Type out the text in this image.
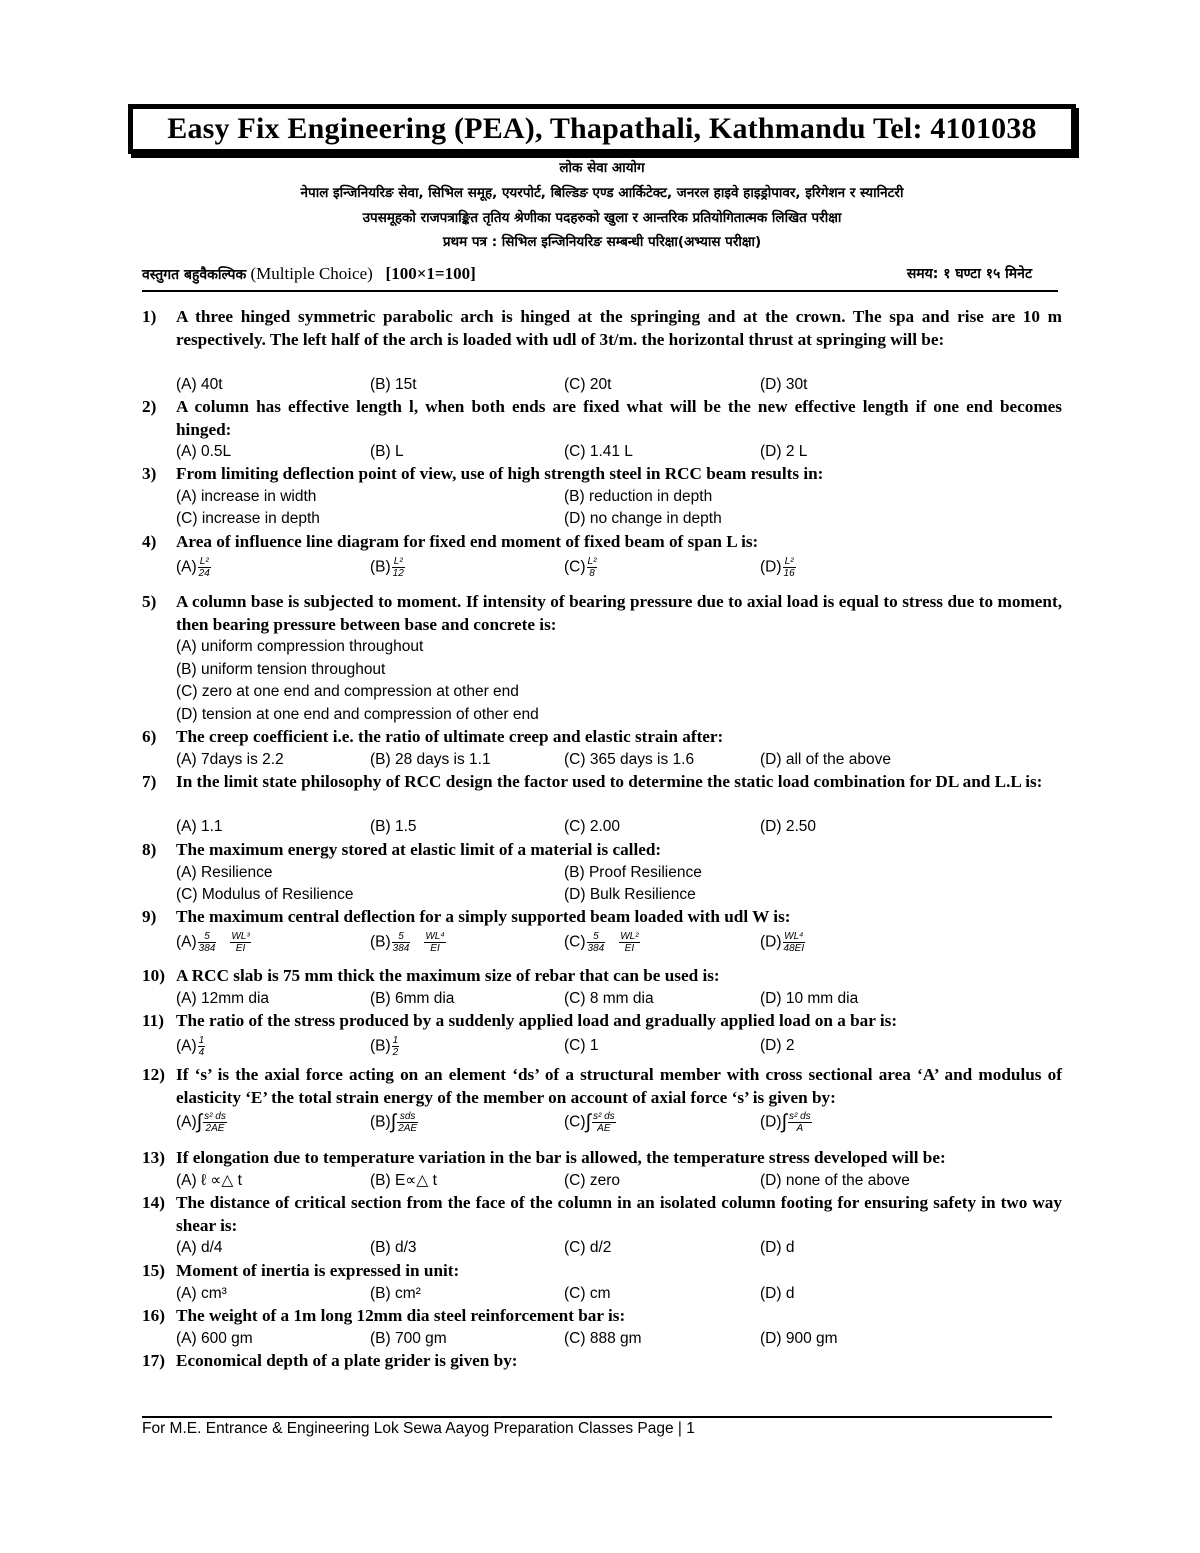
Easy Fix Engineering (PEA), Thapathali, Kathmandu Tel: 4101038
लोक सेवा आयोग
नेपाल इन्जिनियरिङ सेवा, सिभिल समूह, एयरपोर्ट, बिल्डिङ एण्ड आर्किटेक्ट, जनरल हाइवे हाइड्रोपावर, इरिगेशन र स्यानिटरी
उपसमूहको राजपत्राङ्कित तृतिय श्रेणीका पदहरुको खुला र आन्तरिक प्रतियोगितात्मक लिखित परीक्षा
प्रथम पत्र : सिभिल इन्जिनियरिङ सम्बन्धी परिक्षा(अभ्यास परीक्षा)
वस्तुगत बहुवैकल्पिक (Multiple Choice) [100×1=100]	समय: १ घण्टा १५ मिनेट
1) A three hinged symmetric parabolic arch is hinged at the springing and at the crown. The spa and rise are 10 m respectively. The left half of the arch is loaded with udl of 3t/m. the horizontal thrust at springing will be:
(A) 40t	(B) 15t	(C) 20t	(D) 30t
2) A column has effective length l, when both ends are fixed what will be the new effective length if one end becomes hinged:
(A) 0.5L	(B) L	(C) 1.41 L	(D) 2 L
3) From limiting deflection point of view, use of high strength steel in RCC beam results in:
(A) increase in width	(B) reduction in depth
(C) increase in depth	(D) no change in depth
4) Area of influence line diagram for fixed end moment of fixed beam of span L is:
$(A) \frac{\text{L²}}{24}$	$(B) \frac{\text{L²}}{12}$	$(C) \frac{\text{L²}}{8}$	$(D) \frac{\text{L²}}{16}$
5) A column base is subjected to moment. If intensity of bearing pressure due to axial load is equal to stress due to moment, then bearing pressure between base and concrete is:
(A) uniform compression throughout
(B) uniform tension throughout
(C) zero at one end and compression at other end
(D) tension at one end and compression of other end
6) The creep coefficient i.e. the ratio of ultimate creep and elastic strain after:
(A) 7days is 2.2	(B) 28 days is 1.1	(C) 365 days is 1.6	(D) all of the above
7) In the limit state philosophy of RCC design the factor used to determine the static load combination for DL and L.L is:
(A) 1.1	(B) 1.5	(C) 2.00	(D) 2.50
8) The maximum energy stored at elastic limit of a material is called:
(A) Resilience	(B) Proof Resilience
(C) Modulus of Resilience	(D) Bulk Resilience
9) The maximum central deflection for a simply supported beam loaded with udl W is:
$(A) \frac{5}{384} \frac{\text{WL³}}{EI}$	$(B) \frac{5}{384} \frac{\text{WL⁴}}{EI}$	$(C) \frac{5}{384} \frac{\text{WL²}}{EI}$	$(D) \frac{\text{WL⁴}}{48EI}$
10) A RCC slab is 75 mm thick the maximum size of rebar that can be used is:
(A) 12mm dia	(B) 6mm dia	(C) 8 mm dia	(D) 10 mm dia
11) The ratio of the stress produced by a suddenly applied load and gradually applied load on a bar is:
$(A) \frac{1}{4}$	$(B) \frac{1}{2}$	(C) 1	(D) 2
12) If ‘s’ is the axial force acting on an element ‘ds’ of a structural member with cross sectional area ‘A’ and modulus of elasticity ‘E’ the total strain energy of the member on account of axial force ‘s’ is given by:
$(A)\int \frac{\text{s² ds}}{2AE}$	$(B)\int \frac{\text{sds}}{2AE}$	$(C)\int \frac{\text{s² ds}}{AE}$	$(D)\int \frac{\text{s² ds}}{A}$
13) If elongation due to temperature variation in the bar is allowed, the temperature stress developed will be:
(A) ℓ ∝△ t	(B) E∝△ t	(C) zero	(D) none of the above
14) The distance of critical section from the face of the column in an isolated column footing for ensuring safety in two way shear is:
(A) d/4	(B) d/3	(C) d/2	(D) d
15) Moment of inertia is expressed in unit:
(A) cm³	(B) cm²	(C) cm	(D) d
16) The weight of a 1m long 12mm dia steel reinforcement bar is:
(A) 600 gm	(B) 700 gm	(C) 888 gm	(D) 900 gm
17) Economical depth of a plate grider is given by:
For M.E. Entrance & Engineering Lok Sewa Aayog Preparation Classes Page | 1
